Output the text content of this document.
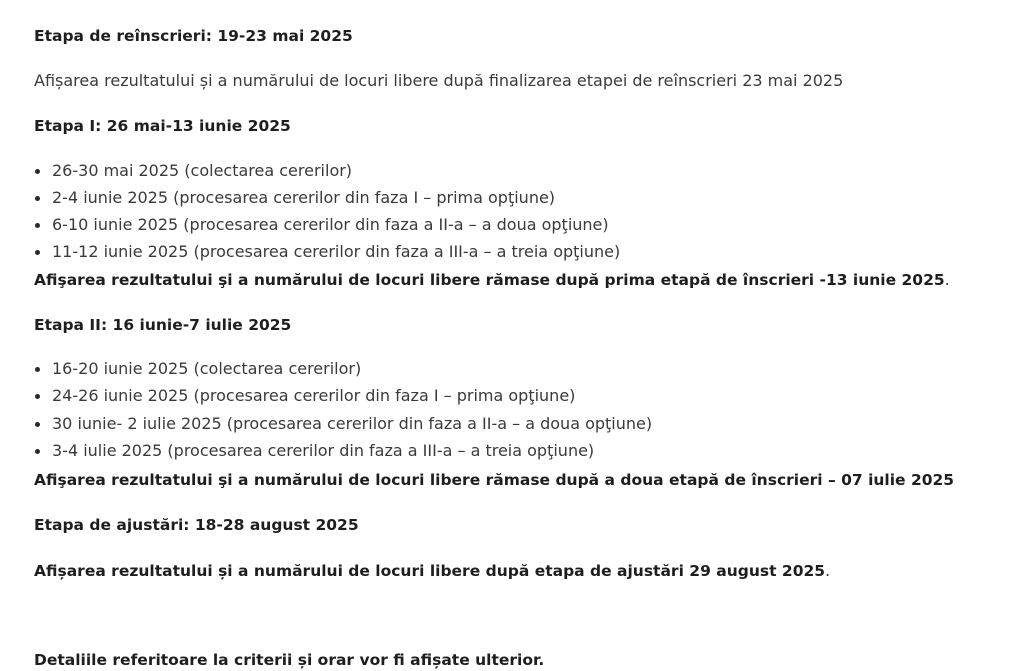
Etapa de reînscrieri: 19-23 mai 2025
Afișarea rezultatului și a numărului de locuri libere după finalizarea etapei de reînscrieri 23 mai 2025
Etapa I: 26 mai-13 iunie 2025
26-30 mai 2025 (colectarea cererilor)
2-4 iunie 2025 (procesarea cererilor din faza I – prima opţiune)
6-10 iunie 2025 (procesarea cererilor din faza a II-a – a doua opţiune)
11-12 iunie 2025 (procesarea cererilor din faza a III-a – a treia opţiune)
Afişarea rezultatului şi a numărului de locuri libere rămase după prima etapă de înscrieri -13 iunie 2025.
Etapa II: 16 iunie-7 iulie 2025
16-20 iunie 2025 (colectarea cererilor)
24-26 iunie 2025 (procesarea cererilor din faza I – prima opţiune)
30 iunie- 2 iulie 2025 (procesarea cererilor din faza a II-a – a doua opţiune)
3-4 iulie 2025 (procesarea cererilor din faza a III-a – a treia opţiune)
Afişarea rezultatului şi a numărului de locuri libere rămase după a doua etapă de înscrieri – 07 iulie 2025
Etapa de ajustări: 18-28 august 2025
Afișarea rezultatului și a numărului de locuri libere după etapa de ajustări 29 august 2025.
Detaliile referitoare la criterii și orar vor fi afișate ulterior.
